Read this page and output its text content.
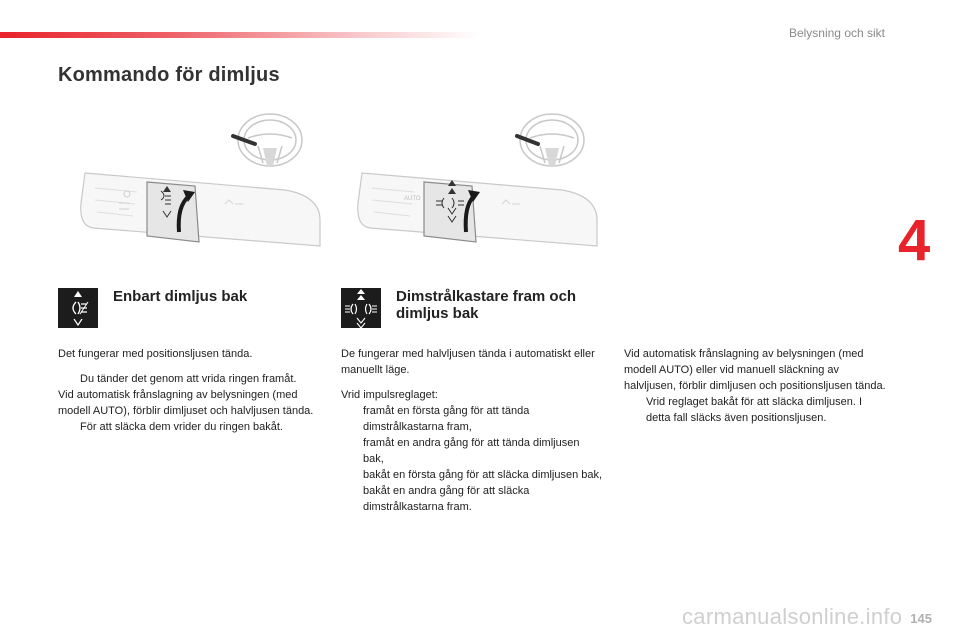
Belysning och sikt
Kommando för dimljus
4
AUTO
Enbart dimljus bak

Det fungerar med positionsljusen tända.

Du tänder det genom att vrida ringen framåt.

Vid automatisk frånslagning av belysningen (med modell AUTO), förblir dimljuset och halvljusen tända.

För att släcka dem vrider du ringen bakåt.

Dimstrålkastare fram och dimljus bak

De fungerar med halvljusen tända i automatiskt eller manuellt läge.

Vrid impulsreglaget:

framåt en första gång för att tända dimstrålkastarna fram,

framåt en andra gång för att tända dimljusen bak,

bakåt en första gång för att släcka dimljusen bak,

bakåt en andra gång för att släcka dimstrålkastarna fram.

Vid automatisk frånslagning av belysningen (med modell AUTO) eller vid manuell släckning av halvljusen, förblir dimljusen och positionsljusen tända.

Vrid reglaget bakåt för att släcka dimljusen. I detta fall släcks även positionsljusen.

carmanualsonline.info 145
